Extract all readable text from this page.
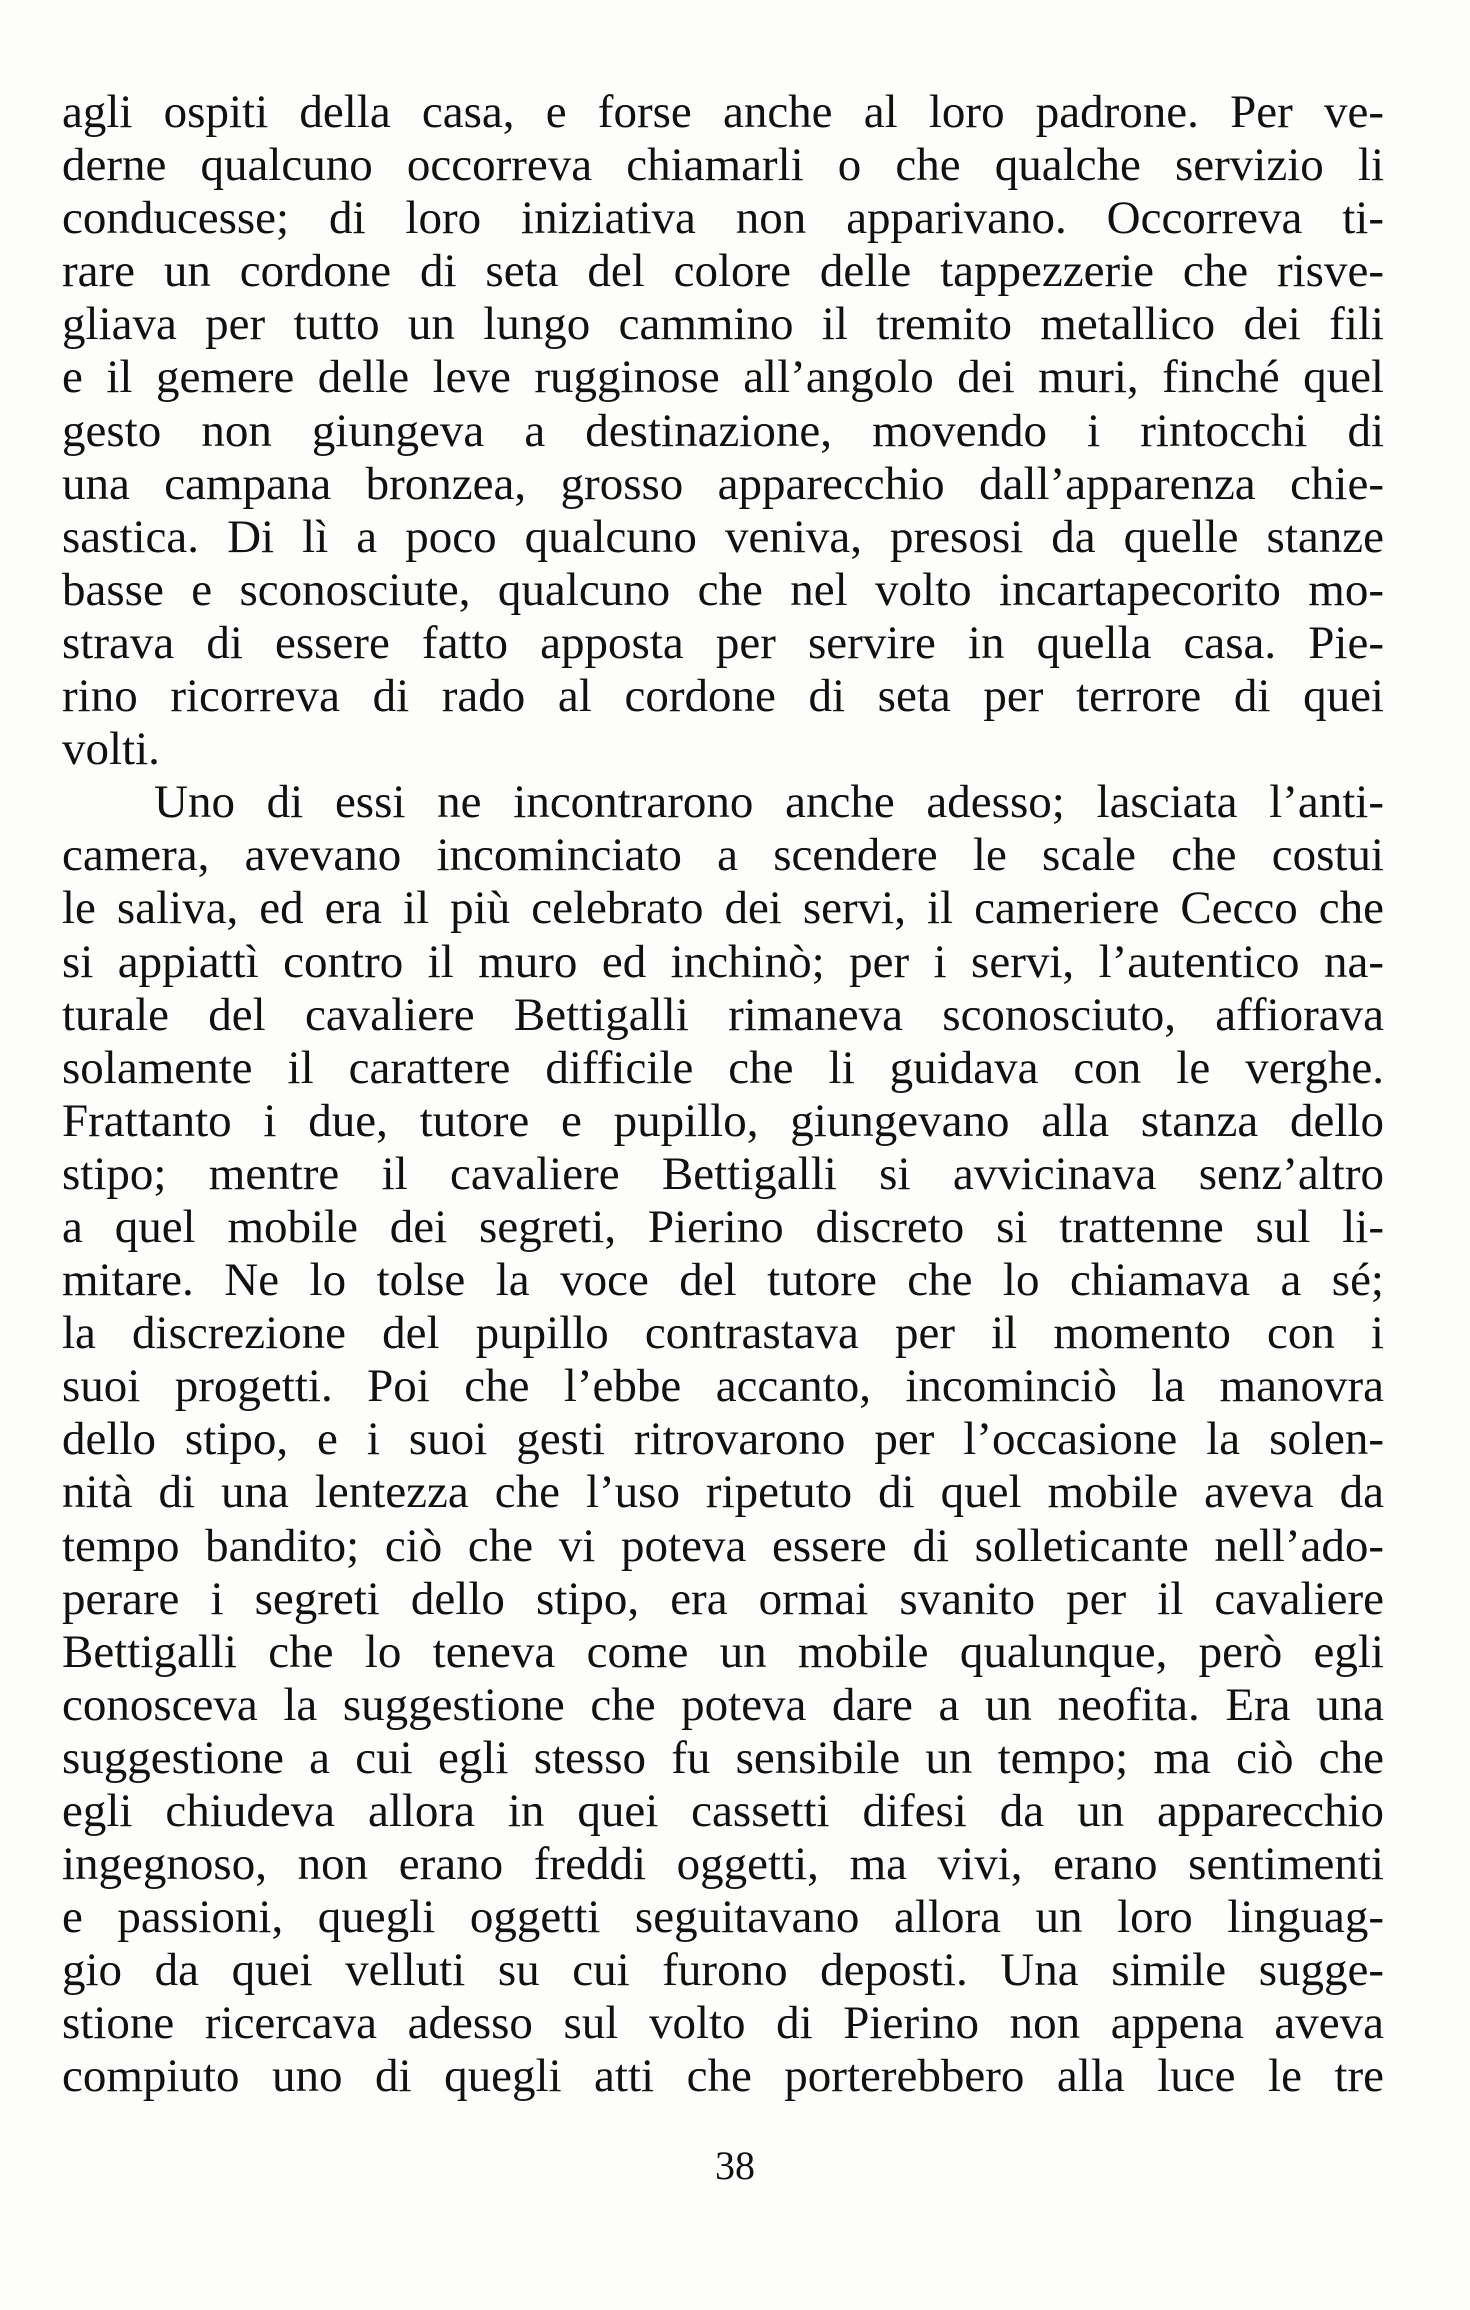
agli ospiti della casa, e forse anche al loro padrone. Per ve-
derne qualcuno occorreva chiamarli o che qualche servizio li
conducesse; di loro iniziativa non apparivano. Occorreva ti-
rare un cordone di seta del colore delle tappezzerie che risve-
gliava per tutto un lungo cammino il tremito metallico dei fili
e il gemere delle leve rugginose all’angolo dei muri, finché quel
gesto non giungeva a destinazione, movendo i rintocchi di
una campana bronzea, grosso apparecchio dall’apparenza chie-
sastica. Di lì a poco qualcuno veniva, presosi da quelle stanze
basse e sconosciute, qualcuno che nel volto incartapecorito mo-
strava di essere fatto apposta per servire in quella casa. Pie-
rino ricorreva di rado al cordone di seta per terrore di quei
volti.
Uno di essi ne incontrarono anche adesso; lasciata l’anti-
camera, avevano incominciato a scendere le scale che costui
le saliva, ed era il più celebrato dei servi, il cameriere Cecco che
si appiattì contro il muro ed inchinò; per i servi, l’autentico na-
turale del cavaliere Bettigalli rimaneva sconosciuto, affiorava
solamente il carattere difficile che li guidava con le verghe.
Frattanto i due, tutore e pupillo, giungevano alla stanza dello
stipo; mentre il cavaliere Bettigalli si avvicinava senz’altro
a quel mobile dei segreti, Pierino discreto si trattenne sul li-
mitare. Ne lo tolse la voce del tutore che lo chiamava a sé;
la discrezione del pupillo contrastava per il momento con i
suoi progetti. Poi che l’ebbe accanto, incominciò la manovra
dello stipo, e i suoi gesti ritrovarono per l’occasione la solen-
nità di una lentezza che l’uso ripetuto di quel mobile aveva da
tempo bandito; ciò che vi poteva essere di solleticante nell’ado-
perare i segreti dello stipo, era ormai svanito per il cavaliere
Bettigalli che lo teneva come un mobile qualunque, però egli
conosceva la suggestione che poteva dare a un neofita. Era una
suggestione a cui egli stesso fu sensibile un tempo; ma ciò che
egli chiudeva allora in quei cassetti difesi da un apparecchio
ingegnoso, non erano freddi oggetti, ma vivi, erano sentimenti
e passioni, quegli oggetti seguitavano allora un loro linguag-
gio da quei velluti su cui furono deposti. Una simile sugge-
stione ricercava adesso sul volto di Pierino non appena aveva
compiuto uno di quegli atti che porterebbero alla luce le tre
38
